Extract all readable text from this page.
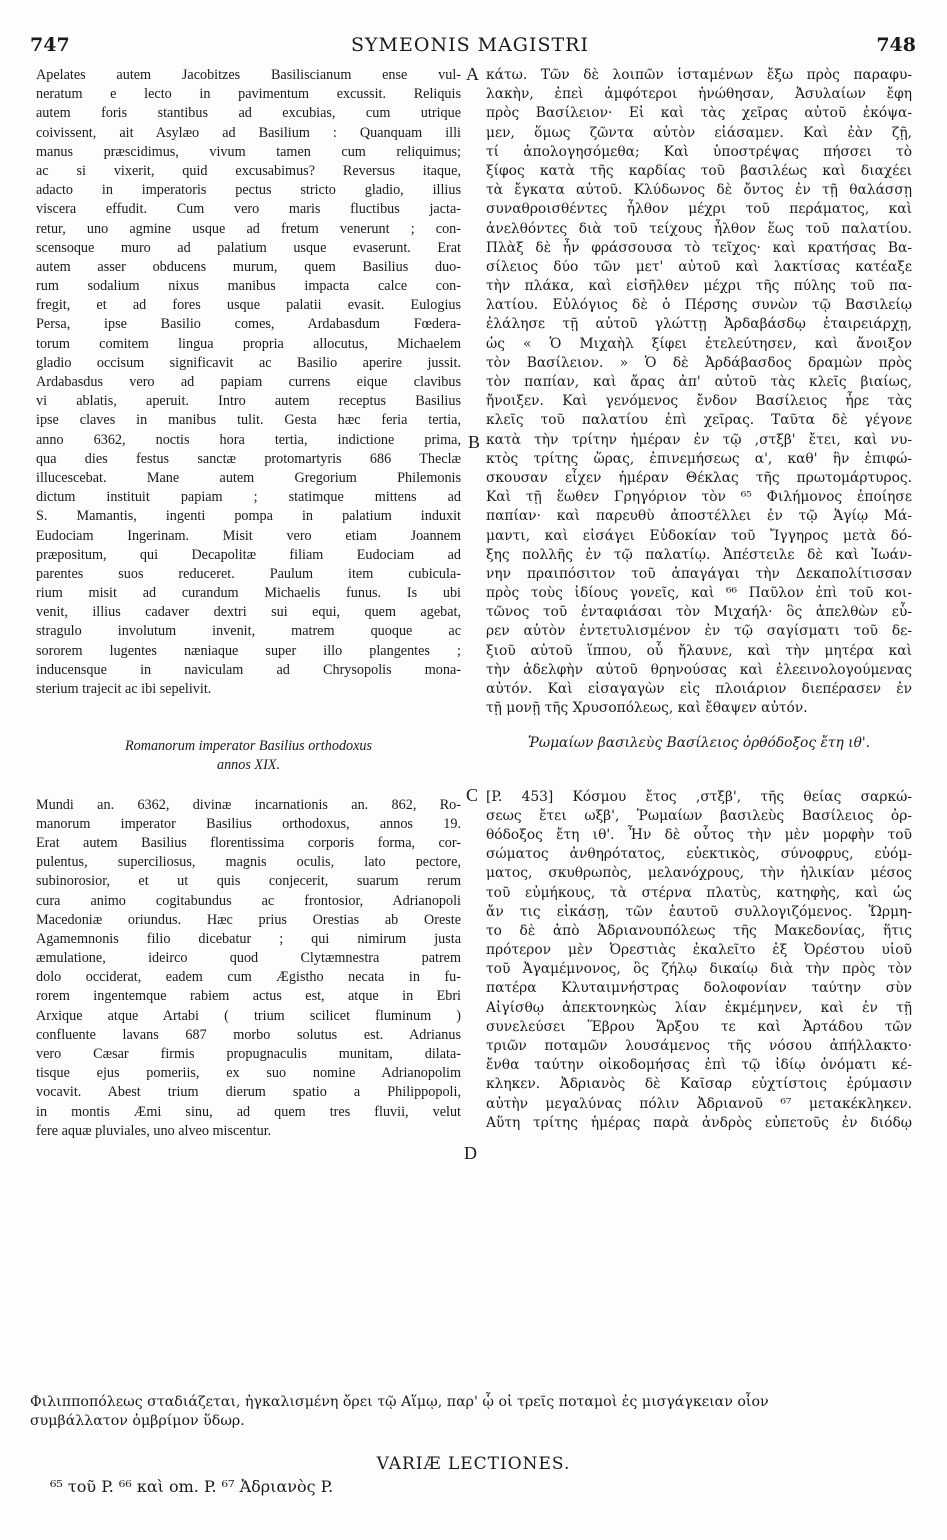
747	SYMEONIS MAGISTRI	748
Apelates autem Jacobitzes Basiliscianum ense vul-
neratum e lecto in pavimentum excussit. Reliquis
autem foris stantibus ad excubias, cum utrique
coivissent, ait Asylæo ad Basilium : Quanquam illi
manus præscidimus, vivum tamen cum reliquimus;
ac si vixerit, quid excusabimus? Reversus itaque,
adacto in imperatoris pectus stricto gladio, illius
viscera effudit. Cum vero maris fluctibus jacta-
retur, uno agmine usque ad fretum venerunt ; con-
scensoque muro ad palatium usque evaserunt. Erat
autem asser obducens murum, quem Basilius duo-
rum sodalium nixus manibus impacta calce con-
fregit, et ad fores usque palatii evasit. Eulogius
Persa, ipse Basilio comes, Ardabasdum Fœdera-
torum comitem lingua propria allocutus, Michaelem
gladio occisum significavit ac Basilio aperire jussit.
Ardabasdus vero ad papiam currens eique clavibus
vi ablatis, aperuit. Intro autem receptus Basilius
ipse claves in manibus tulit. Gesta hæc feria tertia,
anno 6362, noctis hora tertia, indictione prima,
qua dies festus sanctæ protomartyris 686 Theclæ
illucescebat. Mane autem Gregorium Philemonis
dictum instituit papiam ; statimque mittens ad
S. Mamantis, ingenti pompa in palatium induxit
Eudociam Ingerinam. Misit vero etiam Joannem
præpositum, qui Decapolitæ filiam Eudociam ad
parentes suos reduceret. Paulum item cubicula-
rium misit ad curandum Michaelis funus. Is ubi
venit, illius cadaver dextri sui equi, quem agebat,
stragulo involutum invenit, matrem quoque ac
sororem lugentes næniaque super illo plangentes ;
inducensque in naviculam ad Chrysopolis mona-
sterium trajecit ac ibi sepelivit.
Romanorum imperator Basilius orthodoxus
annos XIX.
Mundi an. 6362, divinæ incarnationis an. 862, Ro-
manorum imperator Basilius orthodoxus, annos 19.
Erat autem Basilius florentissima corporis forma, cor-
pulentus, superciliosus, magnis oculis, lato pectore,
subinorosior, et ut quis conjecerit, suarum rerum
cura animo cogitabundus ac frontosior, Adrianopoli
Macedoniæ oriundus. Hæc prius Orestias ab Oreste
Agamemnonis filio dicebatur ; qui nimirum justa
æmulatione, ideirco quod Clytæmnestra patrem
dolo occiderat, eadem cum Ægistho necata in fu-
rorem ingentemque rabiem actus est, atque in Ebri
Arxique atque Artabi ( trium scilicet fluminum )
confluente lavans 687 morbo solutus est. Adrianus
vero Cæsar firmis propugnaculis munitam, dilata-
tisque ejus pomeriis, ex suo nomine Adrianopolim
vocavit. Abest trium dierum spatio a Philippopoli,
in montis Æmi sinu, ad quem tres fluvii, velut
fere aquæ pluviales, uno alveo miscentur.
κάτω. Τῶν δὲ λοιπῶν ἱσταμένων ἔξω πρὸς παραφυ-
λακὴν, ἐπεὶ ἀμφότεροι ἡνώθησαν, Ἀσυλαίων ἔφη
πρὸς Βασίλειον· Εἰ καὶ τὰς χεῖρας αὐτοῦ ἐκόψα-
μεν, ὅμως ζῶντα αὐτὸν εἰάσαμεν. Καὶ ἐὰν ζῇ,
τί ἀπολογησόμεθα; Καὶ ὑποστρέψας πήσσει τὸ
ξίφος κατὰ τῆς καρδίας τοῦ βασιλέως καὶ διαχέει
τὰ ἔγκατα αὐτοῦ. Κλύδωνος δὲ ὄντος ἐν τῇ θαλάσσῃ
συναθροισθέντες ἦλθον μέχρι τοῦ περάματος, καὶ
ἀνελθόντες διὰ τοῦ τείχους ἦλθον ἕως τοῦ παλατίου.
Πλὰξ δὲ ἦν φράσσουσα τὸ τεῖχος· καὶ κρατήσας Βα-
σίλειος δύο τῶν μετ' αὐτοῦ καὶ λακτίσας κατέαξε
τὴν πλάκα, καὶ εἰσῆλθεν μέχρι τῆς πύλης τοῦ πα-
λατίου. Εὐλόγιος δὲ ὁ Πέρσης συνὼν τῷ Βασιλείῳ
ἐλάλησε τῇ αὐτοῦ γλώττῃ Ἀρδαβάσδῳ ἑταιρειάρχῃ,
ὡς « Ὁ Μιχαὴλ ξίφει ἐτελεύτησεν, καὶ ἄνοιξον
τὸν Βασίλειον. » Ὁ δὲ Ἀρδάβασδος δραμὼν πρὸς
τὸν παπίαν, καὶ ἄρας ἀπ' αὐτοῦ τὰς κλεῖς βιαίως,
ἤνοιξεν. Καὶ γενόμενος ἔνδον Βασίλειος ἦρε τὰς
κλεῖς τοῦ παλατίου ἐπὶ χεῖρας. Ταῦτα δὲ γέγονε
κατὰ τὴν τρίτην ἡμέραν ἐν τῷ ,στξβ' ἔτει, καὶ νυ-
κτὸς τρίτης ὥρας, ἐπινεμήσεως α', καθ' ἣν ἐπιφώ-
σκουσαν εἶχεν ἡμέραν Θέκλας τῆς πρωτομάρτυρος.
Καὶ τῇ ἕωθεν Γρηγόριον τὸν ⁶⁵ Φιλήμονος ἐποίησε
παπίαν· καὶ παρευθὺ ἀποστέλλει ἐν τῷ Ἁγίῳ Μά-
μαντι, καὶ εἰσάγει Εὐδοκίαν τοῦ Ἴγγηρος μετὰ δό-
ξης πολλῆς ἐν τῷ παλατίῳ. Ἀπέστειλε δὲ καὶ Ἰωάν-
νην πραιπόσιτον τοῦ ἀπαγάγαι τὴν Δεκαπολίτισσαν
πρὸς τοὺς ἰδίους γονεῖς, καὶ ⁶⁶ Παῦλον ἐπὶ τοῦ κοι-
τῶνος τοῦ ἐνταφιάσαι τὸν Μιχαήλ· ὃς ἀπελθὼν εὗ-
ρεν αὐτὸν ἐντετυλισμένον ἐν τῷ σαγίσματι τοῦ δε-
ξιοῦ αὐτοῦ ἵππου, οὗ ἤλαυνε, καὶ τὴν μητέρα καὶ
τὴν ἀδελφὴν αὐτοῦ θρηνούσας καὶ ἐλεεινολογούμενας
αὐτόν. Καὶ εἰσαγαγὼν εἰς πλοιάριον διεπέρασεν ἐν
τῇ μονῇ τῆς Χρυσοπόλεως, καὶ ἔθαψεν αὐτόν.
Ῥωμαίων βασιλεὺς Βασίλειος ὀρθόδοξος ἔτη ιθ'.
[P. 453] Κόσμου ἔτος ,στξβ', τῆς θείας σαρκώ-
σεως ἔτει ωξβ', Ῥωμαίων βασιλεὺς Βασίλειος ὀρ-
θόδοξος ἔτη ιθ'. Ἦν δὲ οὗτος τὴν μὲν μορφὴν τοῦ
σώματος ἀνθηρότατος, εὐεκτικὸς, σύνοφρυς, εὐόμ-
ματος, σκυθρωπὸς, μελανόχρους, τὴν ἡλικίαν μέσος
τοῦ εὐμήκους, τὰ στέρνα πλατὺς, κατηφὴς, καὶ ὡς
ἄν τις εἰκάσῃ, τῶν ἑαυτοῦ συλλογιζόμενος. Ὥρμη-
το δὲ ἀπὸ Ἀδριανουπόλεως τῆς Μακεδονίας, ἥτις
πρότερον μὲν Ὀρεστιὰς ἐκαλεῖτο ἐξ Ὀρέστου υἱοῦ
τοῦ Ἀγαμέμνονος, ὃς ζήλῳ δικαίῳ διὰ τὴν πρὸς τὸν
πατέρα Κλυταιμνήστρας δολοφονίαν ταύτην σὺν
Αἰγίσθῳ ἀπεκτονηκὼς λίαν ἐκμέμηνεν, καὶ ἐν τῇ
συνελεύσει Ἕβρου Ἄρξου τε καὶ Ἀρτάδου τῶν
τριῶν ποταμῶν λουσάμενος τῆς νόσου ἀπήλλακτο·
ἔνθα ταύτην οἰκοδομήσας ἐπὶ τῷ ἰδίῳ ὀνόματι κέ-
κληκεν. Ἀδριανὸς δὲ Καῖσαρ εὐχτίστοις ἐρύμασιν
αὐτὴν μεγαλύνας πόλιν Ἀδριανοῦ ⁶⁷ μετακέκληκεν.
Αὕτη τρίτης ἡμέρας παρὰ ἀνδρὸς εὐπετοῦς ἐν διόδῳ
A
B
C
D
Φιλιπποπόλεως σταδιάζεται, ἠγκαλισμένη ὄρει τῷ Αἵμῳ, παρ' ᾧ οἱ τρεῖς ποταμοὶ ἐς μισγάγκειαν οἷον
συμβάλλατον ὀμβρίμον ὕδωρ.
VARIÆ LECTIONES.
⁶⁵ τοῦ P. ⁶⁶ καὶ om. P. ⁶⁷ Ἀδριανὸς P.
